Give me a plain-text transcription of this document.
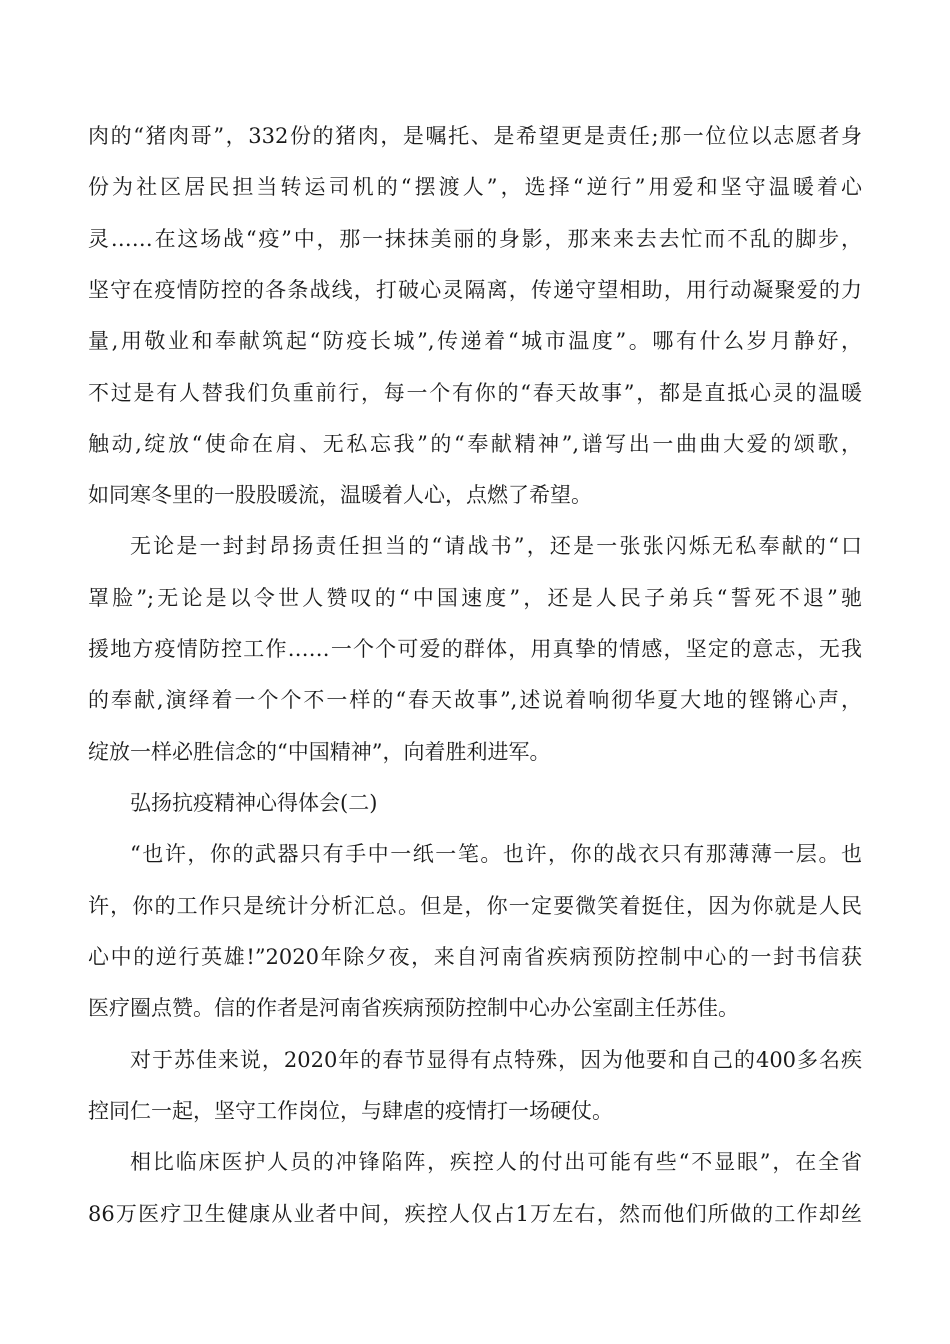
肉的“猪肉哥”，332份的猪肉，是嘱托、是希望更是责任;那一位位以志愿者身
份为社区居民担当转运司机的“摆渡人”，选择“逆行”用爱和坚守温暖着心
灵……在这场战“疫”中，那一抹抹美丽的身影，那来来去去忙而不乱的脚步，
坚守在疫情防控的各条战线，打破心灵隔离，传递守望相助，用行动凝聚爱的力
量,用敬业和奉献筑起“防疫长城”,传递着“城市温度”。哪有什么岁月静好，
不过是有人替我们负重前行，每一个有你的“春天故事”，都是直抵心灵的温暖
触动,绽放“使命在肩、无私忘我”的“奉献精神”,谱写出一曲曲大爱的颂歌，
如同寒冬里的一股股暖流，温暖着人心，点燃了希望。
无论是一封封昂扬责任担当的“请战书”，还是一张张闪烁无私奉献的“口
罩脸”;无论是以令世人赞叹的“中国速度”，还是人民子弟兵“誓死不退”驰
援地方疫情防控工作……一个个可爱的群体，用真挚的情感，坚定的意志，无我
的奉献,演绎着一个个不一样的“春天故事”,述说着响彻华夏大地的铿锵心声，
绽放一样必胜信念的“中国精神”，向着胜利进军。
弘扬抗疫精神心得体会(二)
“也许，你的武器只有手中一纸一笔。也许，你的战衣只有那薄薄一层。也
许，你的工作只是统计分析汇总。但是，你一定要微笑着挺住，因为你就是人民
心中的逆行英雄!”2020年除夕夜，来自河南省疾病预防控制中心的一封书信获
医疗圈点赞。信的作者是河南省疾病预防控制中心办公室副主任苏佳。
对于苏佳来说，2020年的春节显得有点特殊，因为他要和自己的400多名疾
控同仁一起，坚守工作岗位，与肆虐的疫情打一场硬仗。
相比临床医护人员的冲锋陷阵，疾控人的付出可能有些“不显眼”，在全省
86万医疗卫生健康从业者中间，疾控人仅占1万左右，然而他们所做的工作却丝
